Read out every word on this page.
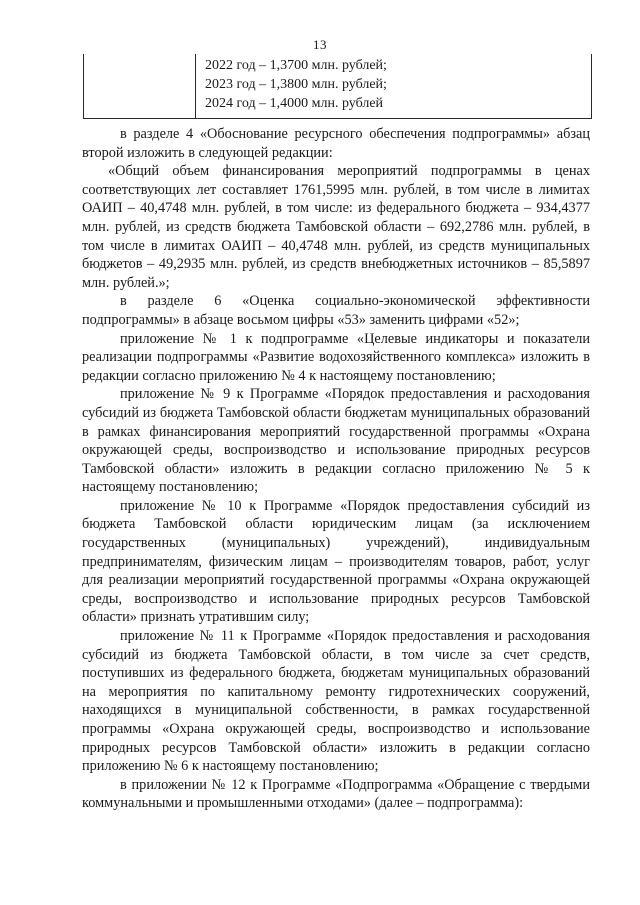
13
2022 год – 1,3700 млн. рублей;
2023 год – 1,3800 млн. рублей;
2024 год – 1,4000 млн. рублей

в разделе 4 «Обоснование ресурсного обеспечения подпрограммы» абзац второй изложить в следующей редакции:

«Общий объем финансирования мероприятий подпрограммы в ценах соответствующих лет составляет 1761,5995 млн. рублей, в том числе в лимитах ОАИП – 40,4748 млн. рублей, в том числе: из федерального бюджета – 934,4377 млн. рублей, из средств бюджета Тамбовской области – 692,2786 млн. рублей, в том числе в лимитах ОАИП – 40,4748 млн. рублей, из средств муниципальных бюджетов – 49,2935 млн. рублей, из средств внебюджетных источников – 85,5897 млн. рублей.»;

в разделе 6 «Оценка социально-экономической эффективности подпрограммы» в абзаце восьмом цифры «53» заменить цифрами «52»;

приложение № 1 к подпрограмме «Целевые индикаторы и показатели реализации подпрограммы «Развитие водохозяйственного комплекса» изложить в редакции согласно приложению № 4 к настоящему постановлению;

приложение № 9 к Программе «Порядок предоставления и расходования субсидий из бюджета Тамбовской области бюджетам муниципальных образований в рамках финансирования мероприятий государственной программы «Охрана окружающей среды, воспроизводство и использование природных ресурсов Тамбовской области» изложить в редакции согласно приложению № 5 к настоящему постановлению;

приложение № 10 к Программе «Порядок предоставления субсидий из бюджета Тамбовской области юридическим лицам (за исключением государственных (муниципальных) учреждений), индивидуальным предпринимателям, физическим лицам – производителям товаров, работ, услуг для реализации мероприятий государственной программы «Охрана окружающей среды, воспроизводство и использование природных ресурсов Тамбовской области» признать утратившим силу;

приложение № 11 к Программе «Порядок предоставления и расходования субсидий из бюджета Тамбовской области, в том числе за счет средств, поступивших из федерального бюджета, бюджетам муниципальных образований на мероприятия по капитальному ремонту гидротехнических сооружений, находящихся в муниципальной собственности, в рамках государственной программы «Охрана окружающей среды, воспроизводство и использование природных ресурсов Тамбовской области» изложить в редакции согласно приложению № 6 к настоящему постановлению;

в приложении № 12 к Программе «Подпрограмма «Обращение с твердыми коммунальными и промышленными отходами» (далее – подпрограмма):
